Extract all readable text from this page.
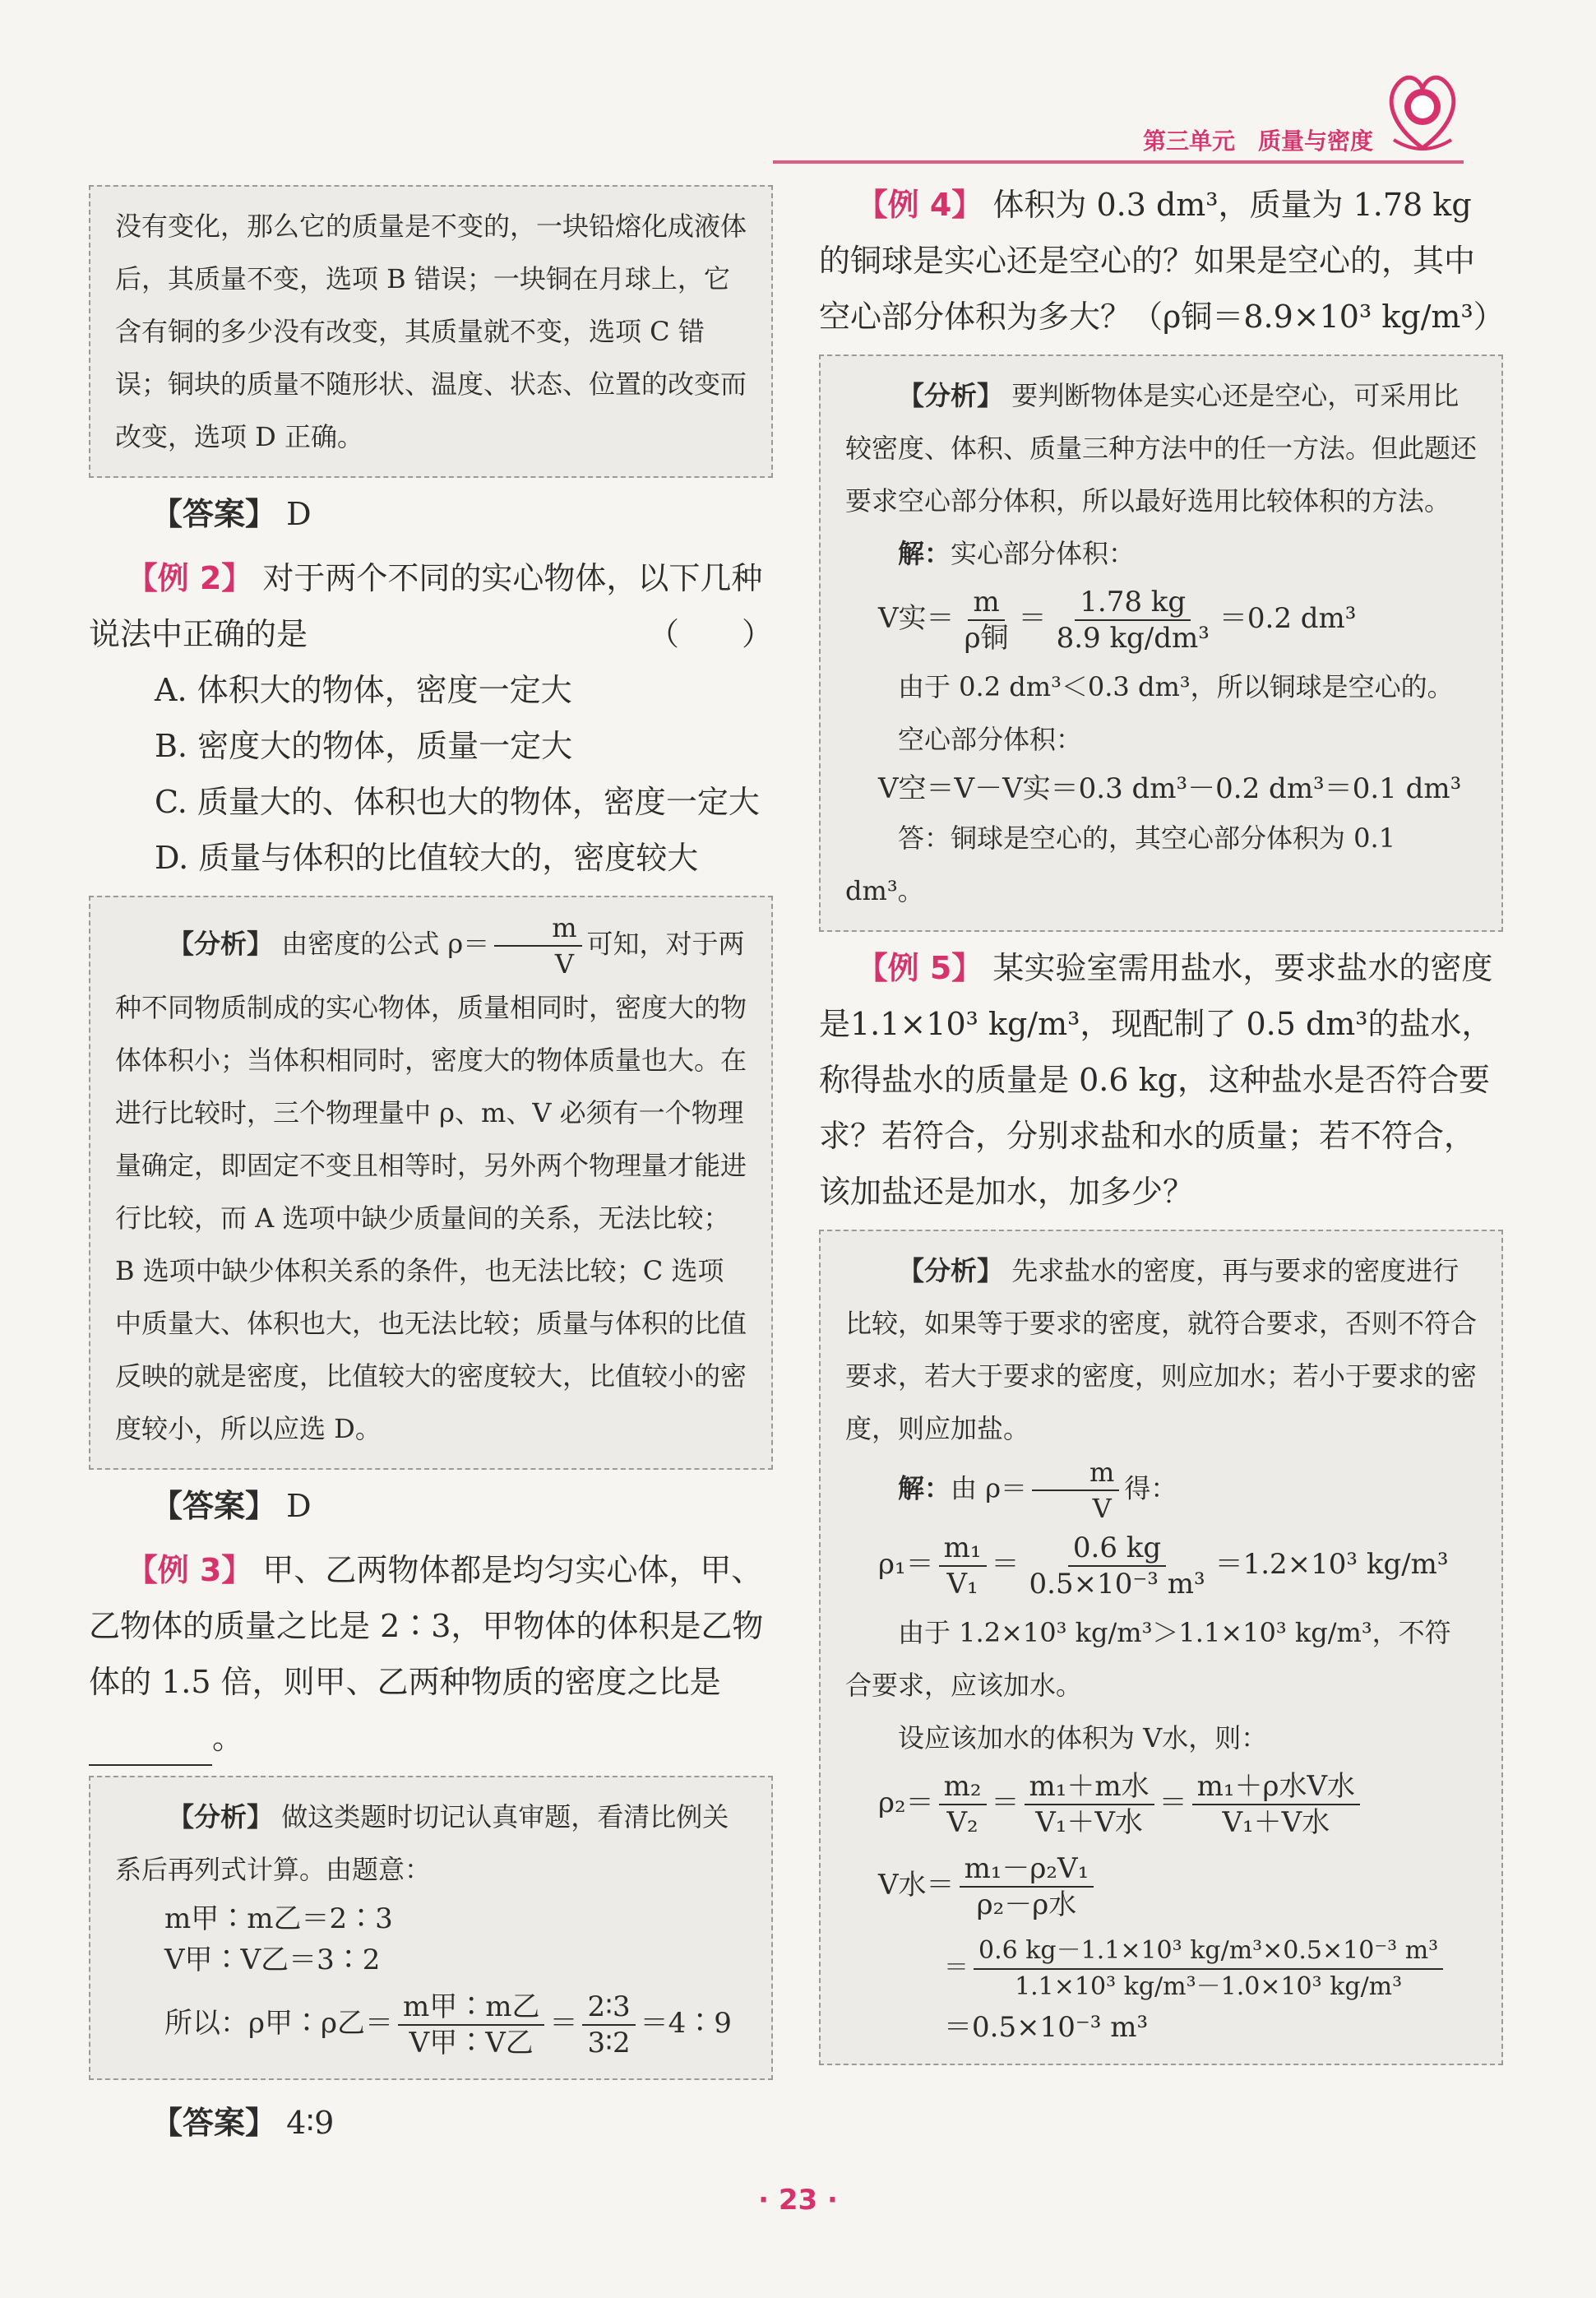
第三单元　质量与密度

没有变化，那么它的质量是不变的，一块铅熔化成液体后，其质量不变，选项 B 错误；一块铜在月球上，它含有铜的多少没有改变，其质量就不变，选项 C 错误；铜块的质量不随形状、温度、状态、位置的改变而改变，选项 D 正确。

【答案】 D

【例 2】 对于两个不同的实心物体，以下几种说法中正确的是	（　　）

A. 体积大的物体，密度一定大

B. 密度大的物体，质量一定大

C. 质量大的、体积也大的物体，密度一定大

D. 质量与体积的比值较大的，密度较大

【分析】 由密度的公式 $\rho= \frac{m}{V}$ 可知，对于两种不同物质制成的实心物体，质量相同时，密度大的物体体积小；当体积相同时，密度大的物体质量也大。在进行比较时，三个物理量中 ρ、m、V 必须有一个物理量确定，即固定不变且相等时，另外两个物理量才能进行比较，而 A 选项中缺少质量间的关系，无法比较；B 选项中缺少体积关系的条件，也无法比较；C 选项中质量大、体积也大，也无法比较；质量与体积的比值反映的就是密度，比值较大的密度较大，比值较小的密度较小，所以应选 D。

【答案】 D

【例 3】 甲、乙两物体都是均匀实心体，甲、乙物体的质量之比是 2∶3，甲物体的体积是乙物体的 1.5 倍，则甲、乙两种物质的密度之比是

。

【分析】 做这类题时切记认真审题，看清比例关系后再列式计算。由题意：

m甲∶m乙＝2∶3
V甲∶V乙＝3∶2
所以：ρ甲∶ρ乙＝ $\frac{\text{m甲∶m乙}}{\text{V甲∶V乙}} = \frac{2∶3}{3∶2}$ ＝4∶9

【答案】 4∶9

【例 4】 体积为 0.3 dm³，质量为 1.78 kg 的铜球是实心还是空心的？如果是空心的，其中空心部分体积为多大？（ρ铜＝8.9×10³ kg/m³）

【分析】 要判断物体是实心还是空心，可采用比较密度、体积、质量三种方法中的任一方法。但此题还要求空心部分体积，所以最好选用比较体积的方法。

解：实心部分体积：

V实＝ $\frac{m}{\text{ρ铜}} = \frac{1.78 kg}{\text{8.9 kg/dm³}} =0.2$ dm³

由于 0.2 dm³＜0.3 dm³，所以铜球是空心的。

空心部分体积：

V空＝V－V实＝0.3 dm³－0.2 dm³＝0.1 dm³

答：铜球是空心的，其空心部分体积为 0.1 dm³。

【例 5】 某实验室需用盐水，要求盐水的密度是1.1×10³ kg/m³，现配制了 0.5 dm³的盐水，称得盐水的质量是 0.6 kg，这种盐水是否符合要求？若符合，分别求盐和水的质量；若不符合，该加盐还是加水，加多少？

【分析】 先求盐水的密度，再与要求的密度进行比较，如果等于要求的密度，就符合要求，否则不符合要求，若大于要求的密度，则应加水；若小于要求的密度，则应加盐。

解：由 $\rho= \frac{m}{V}$ 得：

$\rho_1= \frac{\text{m₁}}{\text{V₁}} = \frac{0.6 kg}{\text{0.5×10⁻³ m³}} =1.2\times 10^3$ kg/m³

由于 1.2×10³ kg/m³＞1.1×10³ kg/m³，不符合要求，应该加水。

设应该加水的体积为 V水，则：

$\rho_2= \frac{\text{m₂}}{\text{V₂}} = \frac{\text{m₁＋m水}}{\text{V₁＋V水}} = \frac{\text{m₁＋ρ水V水}}{\text{V₁＋V水}}$
V水＝ $\frac{\text{m₁－ρ₂V₁}}{\text{ρ₂－ρ水}}$
＝ $\frac{\text{0.6 kg－1.1×10³ kg/m³×0.5×10⁻³ m³}}{\text{1.1×10³ kg/m³－1.0×10³ kg/m³}}$
＝0.5×10⁻³ m³
· 23 ·
